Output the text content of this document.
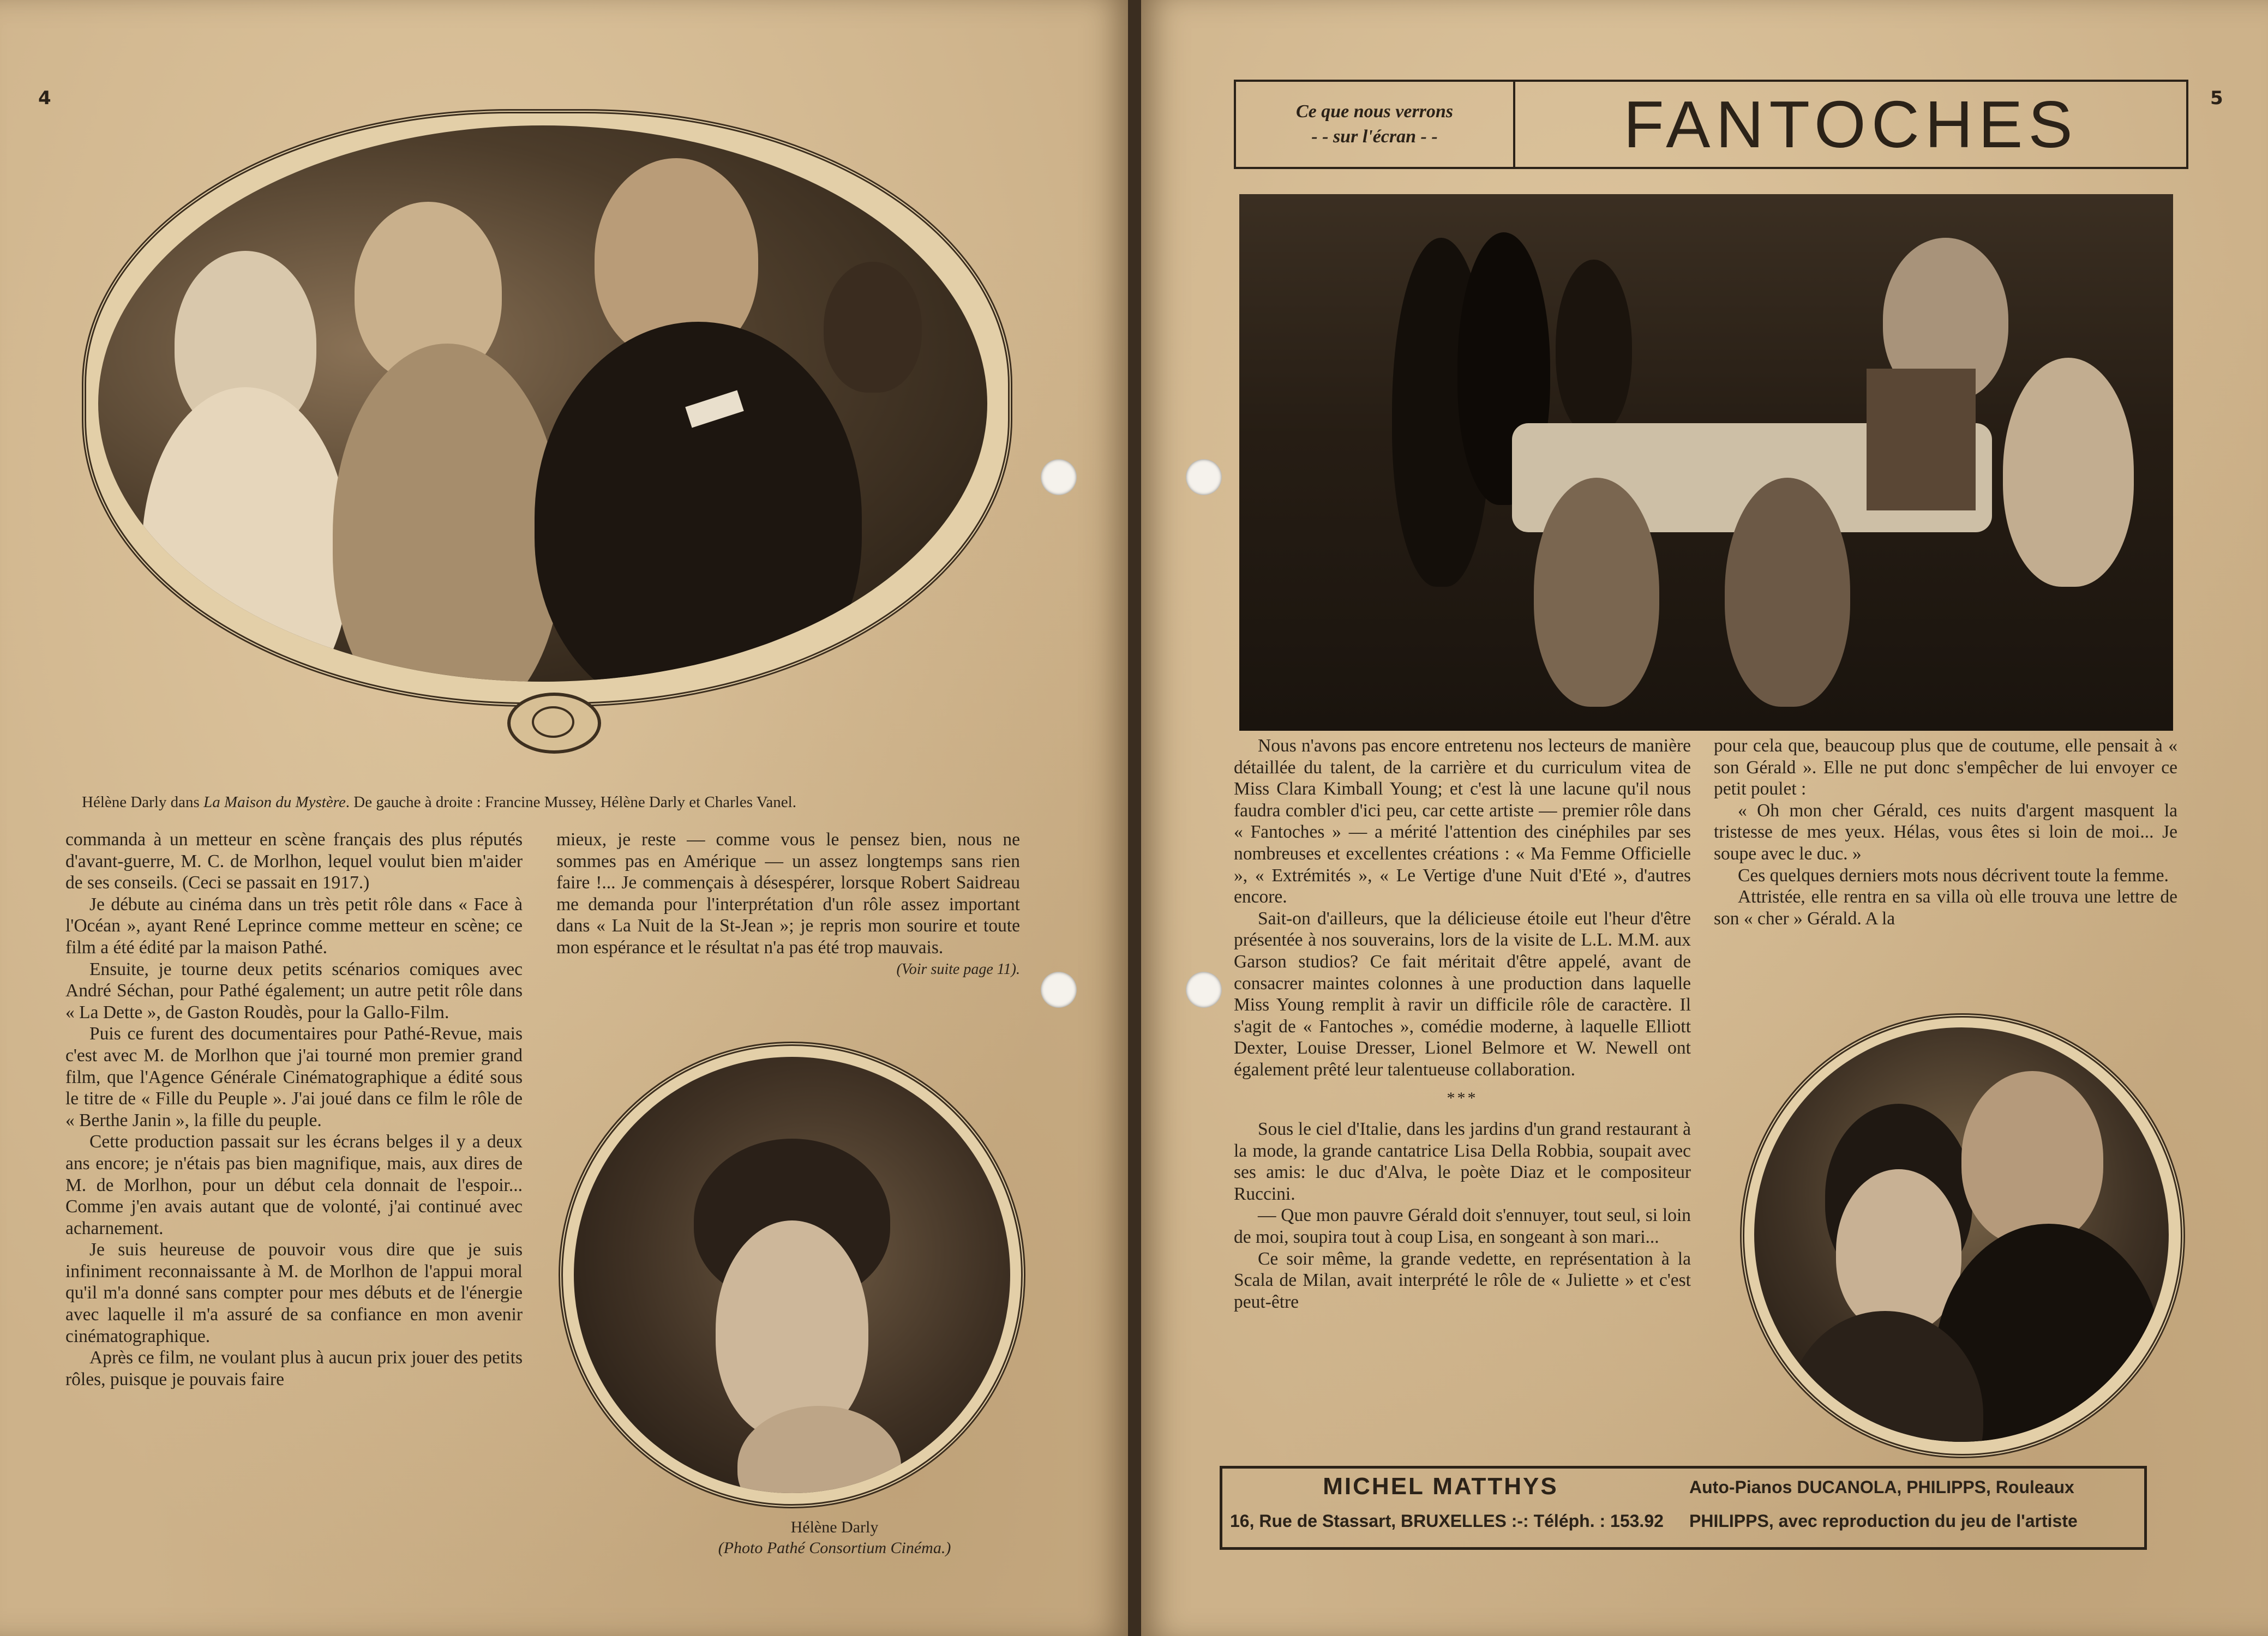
4
Hélène Darly dans La Maison du Mystère. De gauche à droite : Francine Mussey, Hélène Darly et Charles Vanel.

commanda à un metteur en scène français des plus réputés d'avant-guerre, M. C. de Morlhon, lequel voulut bien m'aider de ses conseils. (Ceci se passait en 1917.)

Je débute au cinéma dans un très petit rôle dans « Face à l'Océan », ayant René Leprince comme metteur en scène; ce film a été édité par la maison Pathé.

Ensuite, je tourne deux petits scénarios comiques avec André Séchan, pour Pathé également; un autre petit rôle dans « La Dette », de Gaston Roudès, pour la Gallo-Film.

Puis ce furent des documentaires pour Pathé-Revue, mais c'est avec M. de Morlhon que j'ai tourné mon premier grand film, que l'Agence Générale Cinématographique a édité sous le titre de « Fille du Peuple ». J'ai joué dans ce film le rôle de « Berthe Janin », la fille du peuple.

Cette production passait sur les écrans belges il y a deux ans encore; je n'étais pas bien magnifique, mais, aux dires de M. de Morlhon, pour un début cela donnait de l'espoir... Comme j'en avais autant que de volonté, j'ai continué avec acharnement.

Je suis heureuse de pouvoir vous dire que je suis infiniment reconnaissante à M. de Morlhon de l'appui moral qu'il m'a donné sans compter pour mes débuts et de l'énergie avec laquelle il m'a assuré de sa confiance en mon avenir cinématographique.

Après ce film, ne voulant plus à aucun prix jouer des petits rôles, puisque je pouvais faire

mieux, je reste — comme vous le pensez bien, nous ne sommes pas en Amérique — un assez longtemps sans rien faire !... Je commençais à désespérer, lorsque Robert Saidreau me demanda pour l'interprétation d'un rôle assez important dans « La Nuit de la St-Jean »; je repris mon sourire et toute mon espérance et le résultat n'a pas été trop mauvais.

(Voir suite page 11).

Hélène Darly
(Photo Pathé Consortium Cinéma.)
5
Ce que nous verrons
- - sur l'écran - -	FANTOCHES

Nous n'avons pas encore entretenu nos lecteurs de manière détaillée du talent, de la carrière et du curriculum vitea de Miss Clara Kimball Young; et c'est là une lacune qu'il nous faudra combler d'ici peu, car cette artiste — premier rôle dans « Fantoches » — a mérité l'attention des cinéphiles par ses nombreuses et excellentes créations : « Ma Femme Officielle », « Extrémités », « Le Vertige d'une Nuit d'Eté », d'autres encore.

Sait-on d'ailleurs, que la délicieuse étoile eut l'heur d'être présentée à nos souverains, lors de la visite de L.L. M.M. aux Garson studios? Ce fait méritait d'être appelé, avant de consacrer maintes colonnes à une production dans laquelle Miss Young remplit à ravir un difficile rôle de caractère. Il s'agit de « Fantoches », comédie moderne, à laquelle Elliott Dexter, Louise Dresser, Lionel Belmore et W. Newell ont également prêté leur talentueuse collaboration.

***

Sous le ciel d'Italie, dans les jardins d'un grand restaurant à la mode, la grande cantatrice Lisa Della Robbia, soupait avec ses amis: le duc d'Alva, le poète Diaz et le compositeur Ruccini.

— Que mon pauvre Gérald doit s'ennuyer, tout seul, si loin de moi, soupira tout à coup Lisa, en songeant à son mari...

Ce soir même, la grande vedette, en représentation à la Scala de Milan, avait interprété le rôle de « Juliette » et c'est peut-être

pour cela que, beaucoup plus que de coutume, elle pensait à « son Gérald ». Elle ne put donc s'empêcher de lui envoyer ce petit poulet :

« Oh mon cher Gérald, ces nuits d'argent masquent la tristesse de mes yeux. Hélas, vous êtes si loin de moi... Je soupe avec le duc. »

Ces quelques derniers mots nous décrivent toute la femme.

Attristée, elle rentra en sa villa où elle trouva une lettre de son « cher » Gérald. A la

MICHEL MATTHYS
16, Rue de Stassart, BRUXELLES :-: Téléph. : 153.92
Auto-Pianos DUCANOLA, PHILIPPS, Rouleaux
PHILIPPS, avec reproduction du jeu de l'artiste
